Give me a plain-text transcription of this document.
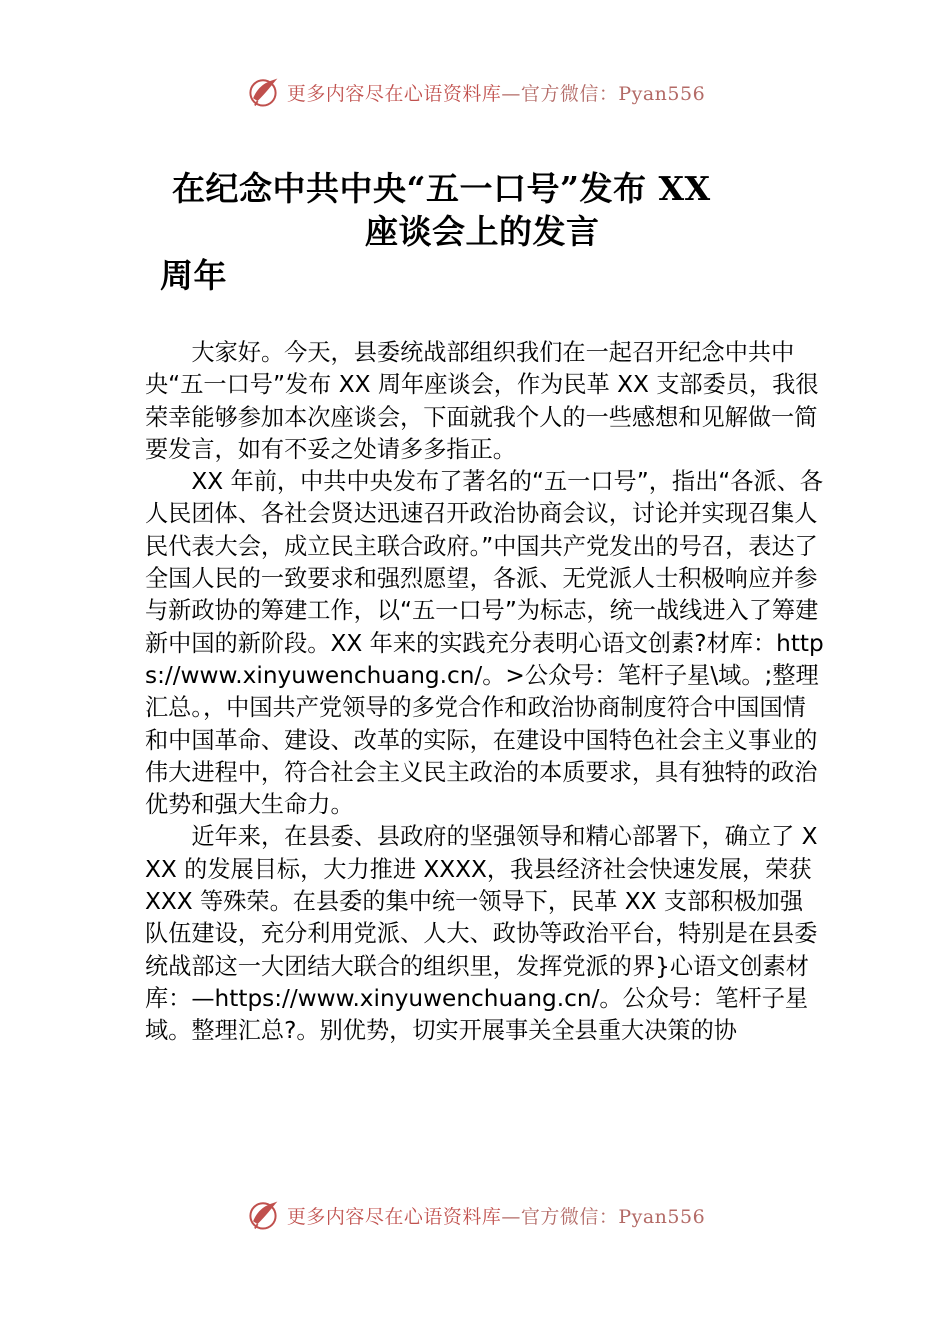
更多内容尽在心语资料库 —官方微信：Pyan556
在纪念中共中央“五一口号”发布 XX
座谈会上的发言
周年

大家好。今天，县委统战部组织我们在一起召开纪念中共中央“五一口号”发布 XX 周年座谈会，作为民革 XX 支部委员，我很荣幸能够参加本次座谈会，下面就我个人的一些感想和见解做一简要发言，如有不妥之处请多多指正。

XX 年前，中共中央发布了著名的“五一口号”，指出“各派、各人民团体、各社会贤达迅速召开政治协商会议，讨论并实现召集人民代表大会，成立民主联合政府。”中国共产党发出的号召，表达了全国人民的一致要求和强烈愿望，各派、无党派人士积极响应并参与新政协的筹建工作，以“五一口号”为标志，统一战线进入了筹建新中国的新阶段。XX 年来的实践充分表明心语文创素?材库：https://www.xinyuwenchuang.cn/。>公众号：笔杆子星\域。;整理汇总。，中国共产党领导的多党合作和政治协商制度符合中国国情和中国革命、建设、改革的实际，在建设中国特色社会主义事业的伟大进程中，符合社会主义民主政治的本质要求，具有独特的政治优势和强大生命力。

近年来，在县委、县政府的坚强领导和精心部署下，确立了 XXX 的发展目标，大力推进 XXXX，我县经济社会快速发展，荣获 XXX 等殊荣。在县委的集中统一领导下，民革 XX 支部积极加强队伍建设，充分利用党派、人大、政协等政治平台，特别是在县委统战部这一大团结大联合的组织里，发挥党派的界}心语文创素材库：—https://www.xinyuwenchuang.cn/。公众号：笔杆子星域。整理汇总?。别优势，切实开展事关全县重大决策的协

更多内容尽在心语资料库 —官方微信：Pyan556
